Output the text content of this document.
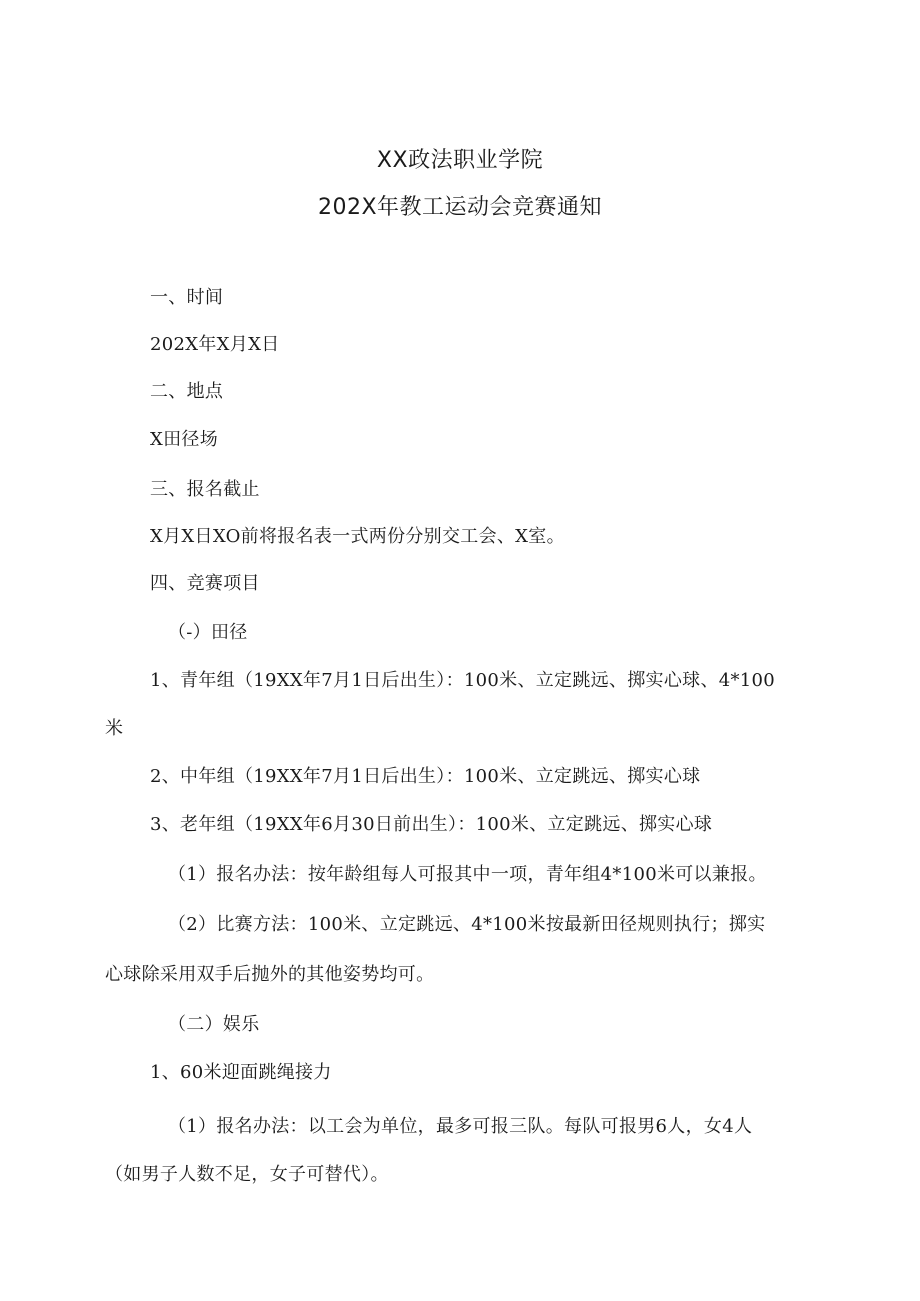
XX政法职业学院
202X年教工运动会竞赛通知
一、时间
202X年X月X日
二、地点
X田径场
三、报名截止
X月X日XO前将报名表一式两份分别交工会、X室。
四、竞赛项目
（-）田径
1、青年组（19XX年7月1日后出生）：100米、立定跳远、掷实心球、4*100
米
2、中年组（19XX年7月1日后出生）：100米、立定跳远、掷实心球
3、老年组（19XX年6月30日前出生）：100米、立定跳远、掷实心球
（1）报名办法：按年龄组每人可报其中一项，青年组4*100米可以兼报。
（2）比赛方法：100米、立定跳远、4*100米按最新田径规则执行；掷实
心球除采用双手后抛外的其他姿势均可。
（二）娱乐
1、60米迎面跳绳接力
（1）报名办法：以工会为单位，最多可报三队。每队可报男6人，女4人
（如男子人数不足，女子可替代）。
